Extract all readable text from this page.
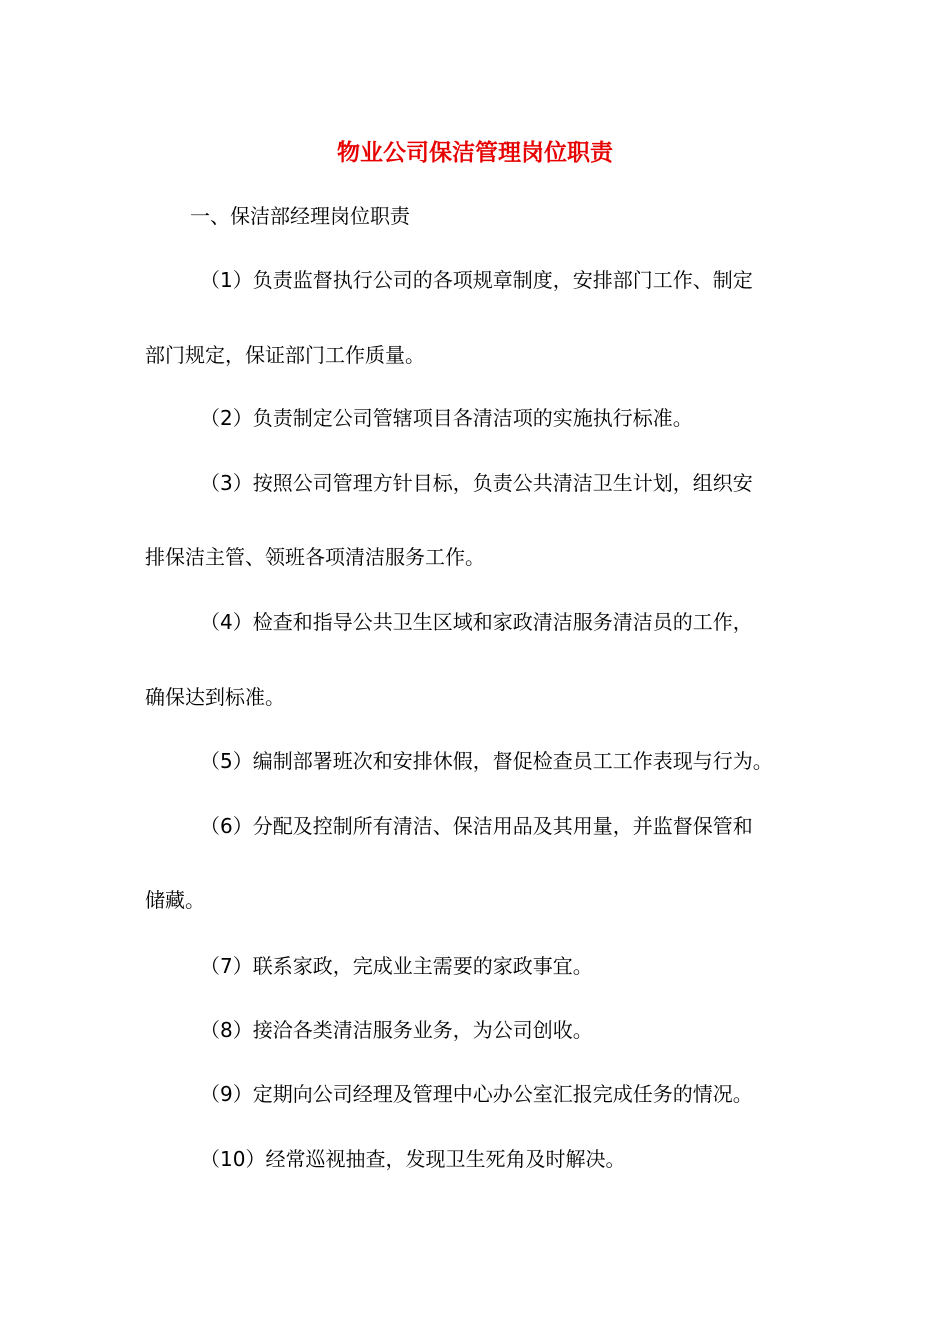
物业公司保洁管理岗位职责
一、保洁部经理岗位职责
（1）负责监督执行公司的各项规章制度，安排部门工作、制定
部门规定，保证部门工作质量。
（2）负责制定公司管辖项目各清洁项的实施执行标准。
（3）按照公司管理方针目标，负责公共清洁卫生计划，组织安
排保洁主管、领班各项清洁服务工作。
（4）检查和指导公共卫生区域和家政清洁服务清洁员的工作，
确保达到标准。
（5）编制部署班次和安排休假，督促检查员工工作表现与行为。
（6）分配及控制所有清洁、保洁用品及其用量，并监督保管和
储藏。
（7）联系家政，完成业主需要的家政事宜。
（8）接洽各类清洁服务业务，为公司创收。
（9）定期向公司经理及管理中心办公室汇报完成任务的情况。
（10）经常巡视抽查，发现卫生死角及时解决。
